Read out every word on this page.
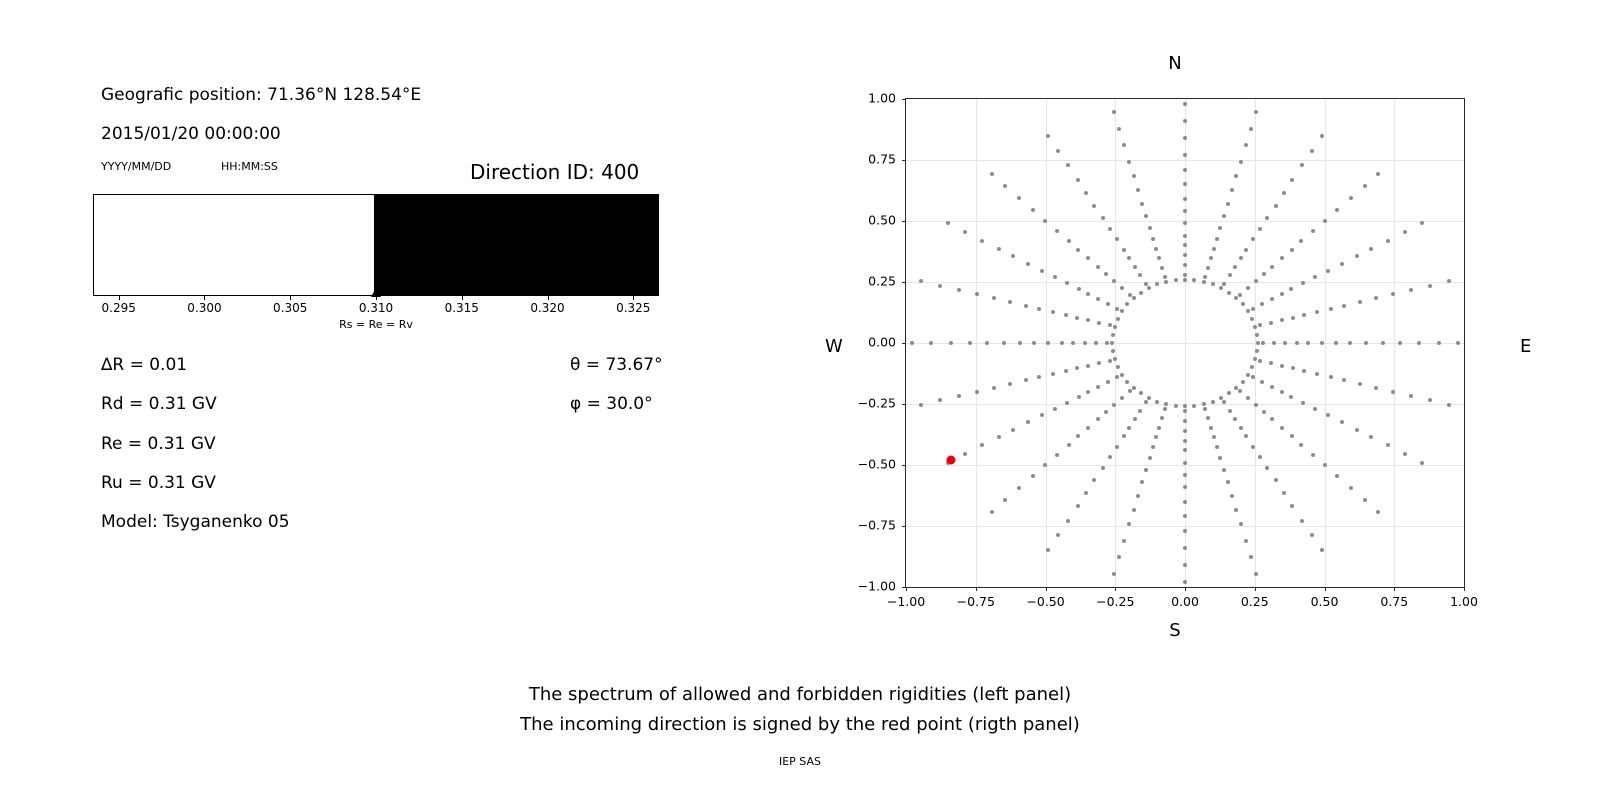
Geografic position: 71.36°N 128.54°E
2015/01/20 00:00:00
YYYY/MM/DD	HH:MM:SS	Direction ID: 400
0.295	0.300	0.305	0.310	0.315	0.320	0.325
Rs = Re = Rv
∆R = 0.01
Rd = 0.31 GV
Re = 0.31 GV
Ru = 0.31 GV
Model: Tsyganenko 05
θ = 73.67°
φ = 30.0°
N
S
W	E
−1.00
−0.75
−0.50
−0.25
0.00
0.25
0.50
0.75
1.00
−1.00	−0.75	−0.50	−0.25	0.00	0.25	0.50	0.75	1.00
The spectrum of allowed and forbidden rigidities (left panel)
The incoming direction is signed by the red point (rigth panel)
IEP SAS
